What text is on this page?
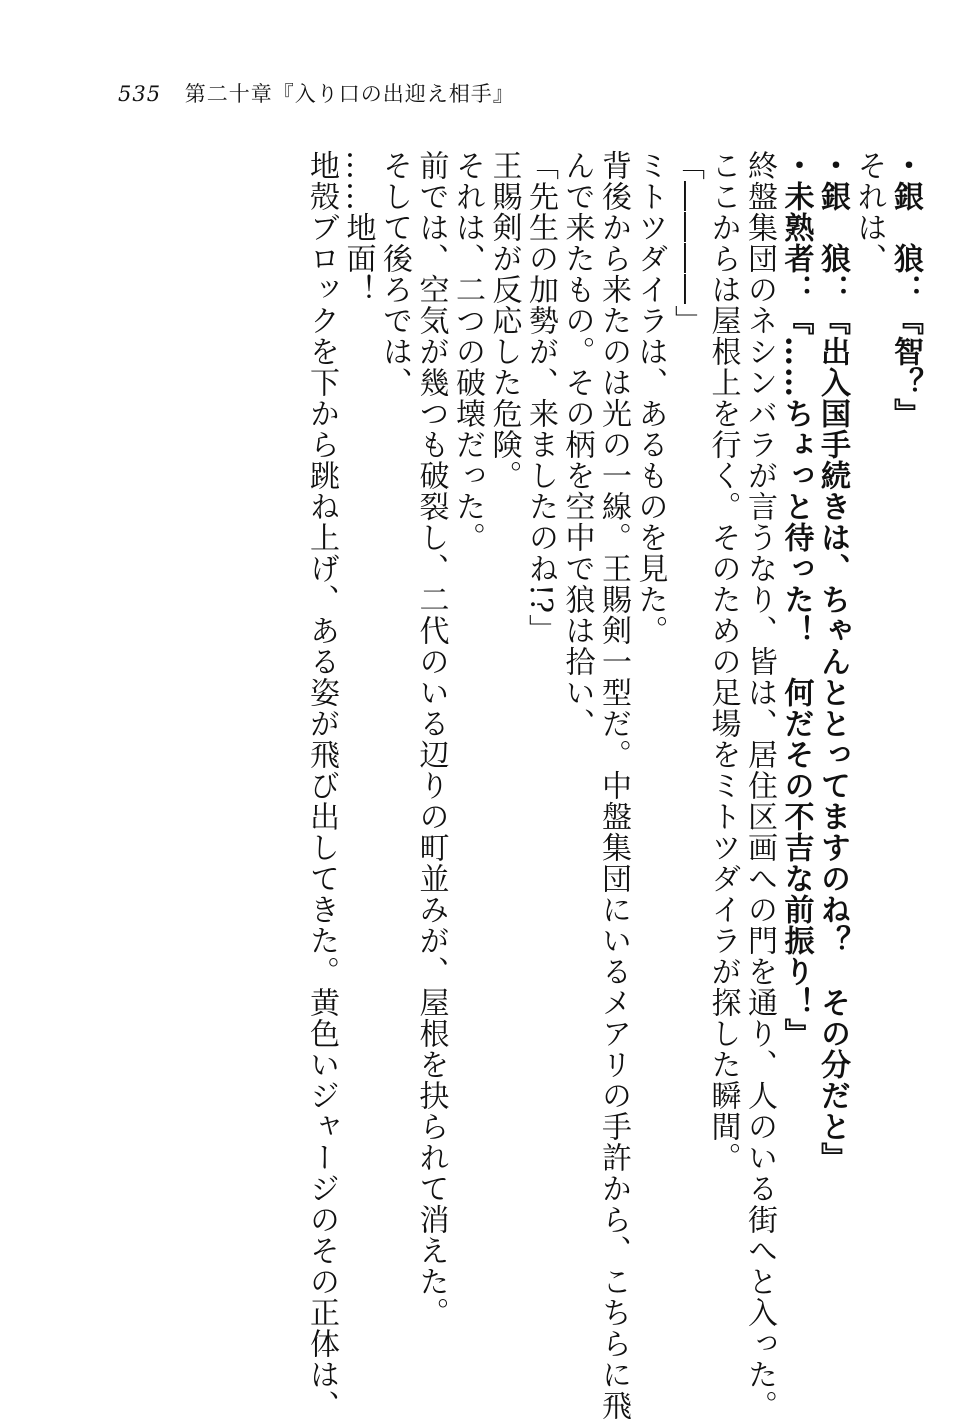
535 第二十章『入り口の出迎え相手』
・銀　狼：『智？』
それは、
・銀　狼：『出入国手続きは、ちゃんととってますのね？　その分だと』
・未熟者：『……ちょっと待った！　何だその不吉な前振り！』
終盤集団のネシンバラが言うなり、皆は、居住区画への門を通り、人のいる街へと入った。
ここからは屋根上を行く。そのための足場をミトツダイラが探した瞬間。
「――――」
ミトツダイラは、あるものを見た。
背後から来たのは光の一線。王賜剣一型だ。中盤集団にいるメアリの手許から、こちらに飛
んで来たもの。その柄を空中で狼は拾い、
「先生の加勢が、来ましたのね!?」
王賜剣が反応した危険。
それは、二つの破壊だった。
前では、空気が幾つも破裂し、二代のいる辺りの町並みが、屋根を抉られて消えた。
そして後ろでは、
……地面！
地殻ブロックを下から跳ね上げ、ある姿が飛び出してきた。黄色いジャージのその正体は、
